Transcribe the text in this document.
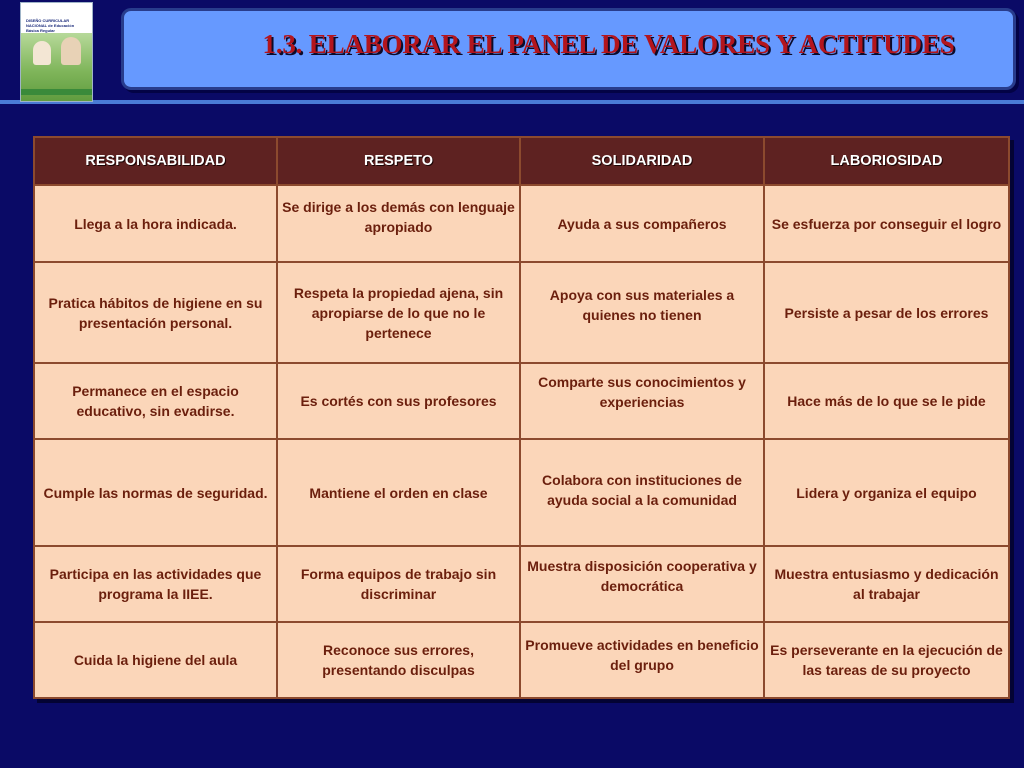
DISEÑO CURRICULAR NACIONAL de Educación Básica Regular	1.3. ELABORAR EL PANEL DE VALORES Y ACTITUDES
RESPONSABILIDAD	RESPETO	SOLIDARIDAD	LABORIOSIDAD
Llega a la hora indicada.	Se dirige a los demás con lenguaje apropiado	Ayuda a sus compañeros	Se esfuerza por conseguir el logro
Pratica hábitos de higiene en su presentación personal.	Respeta la propiedad ajena, sin apropiarse de lo que no le pertenece	Apoya con sus materiales a quienes no tienen	Persiste a pesar de los errores
Permanece en el espacio educativo, sin evadirse.	Es cortés con sus profesores	Comparte sus conocimientos y experiencias	Hace más de lo que se le pide
Cumple las normas de seguridad.	Mantiene el orden en clase	Colabora con instituciones de ayuda social a la comunidad	Lidera y organiza el equipo
Participa en las actividades que programa la IIEE.	Forma equipos de trabajo sin discriminar	Muestra disposición cooperativa y democrática	Muestra entusiasmo y dedicación al trabajar
Cuida la higiene del aula	Reconoce sus errores, presentando disculpas	Promueve actividades en beneficio del grupo	Es perseverante en la ejecución de las tareas de su proyecto
